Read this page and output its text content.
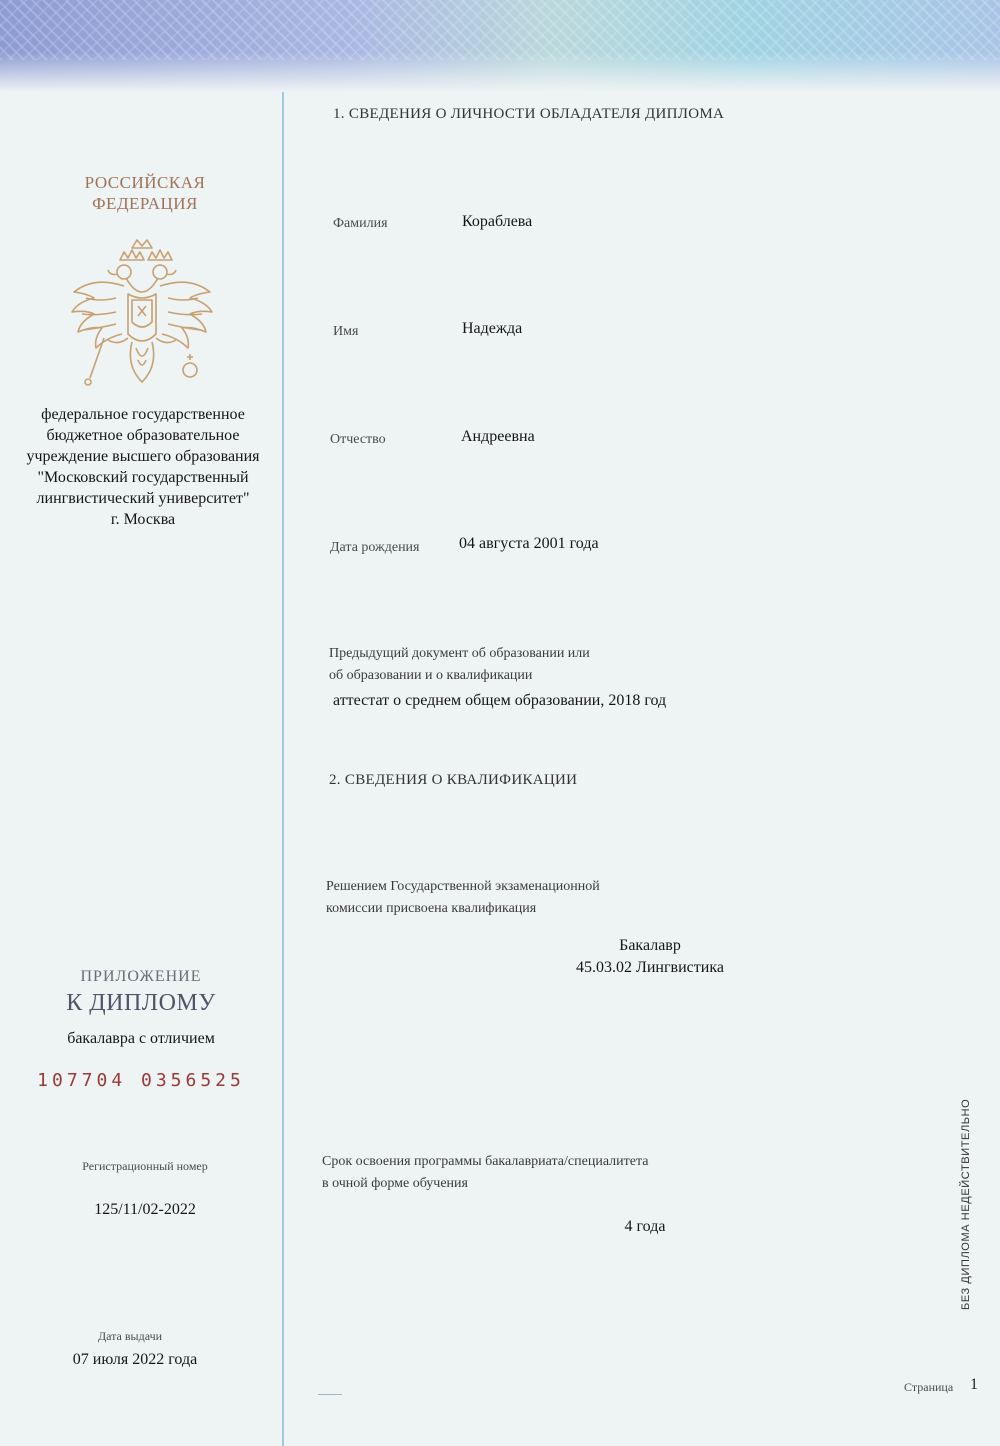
РОССИЙСКАЯ
ФЕДЕРАЦИЯ
федеральное государственное
бюджетное образовательное
учреждение высшего образования
"Московский государственный
лингвистический университет"
г. Москва
ПРИЛОЖЕНИЕ
К ДИПЛОМУ
бакалавра с отличием
107704 0356525
Регистрационный номер
125/11/02-2022
Дата выдачи
07 июля 2022 года
1. СВЕДЕНИЯ О ЛИЧНОСТИ ОБЛАДАТЕЛЯ ДИПЛОМА
Фамилия	Кораблева
Имя	Надежда
Отчество	Андреевна
Дата рождения 04 августа 2001 года
Предыдущий документ об образовании или
об образовании и о квалификации
аттестат о среднем общем образовании, 2018 год
2. СВЕДЕНИЯ О КВАЛИФИКАЦИИ
Решением Государственной экзаменационной
комиссии присвоена квалификация
Бакалавр
45.03.02 Лингвистика
Срок освоения программы бакалавриата/специалитета
в очной форме обучения
4 года	БЕЗ ДИПЛОМА НЕДЕЙСТВИТЕЛЬНО
Страница 1
